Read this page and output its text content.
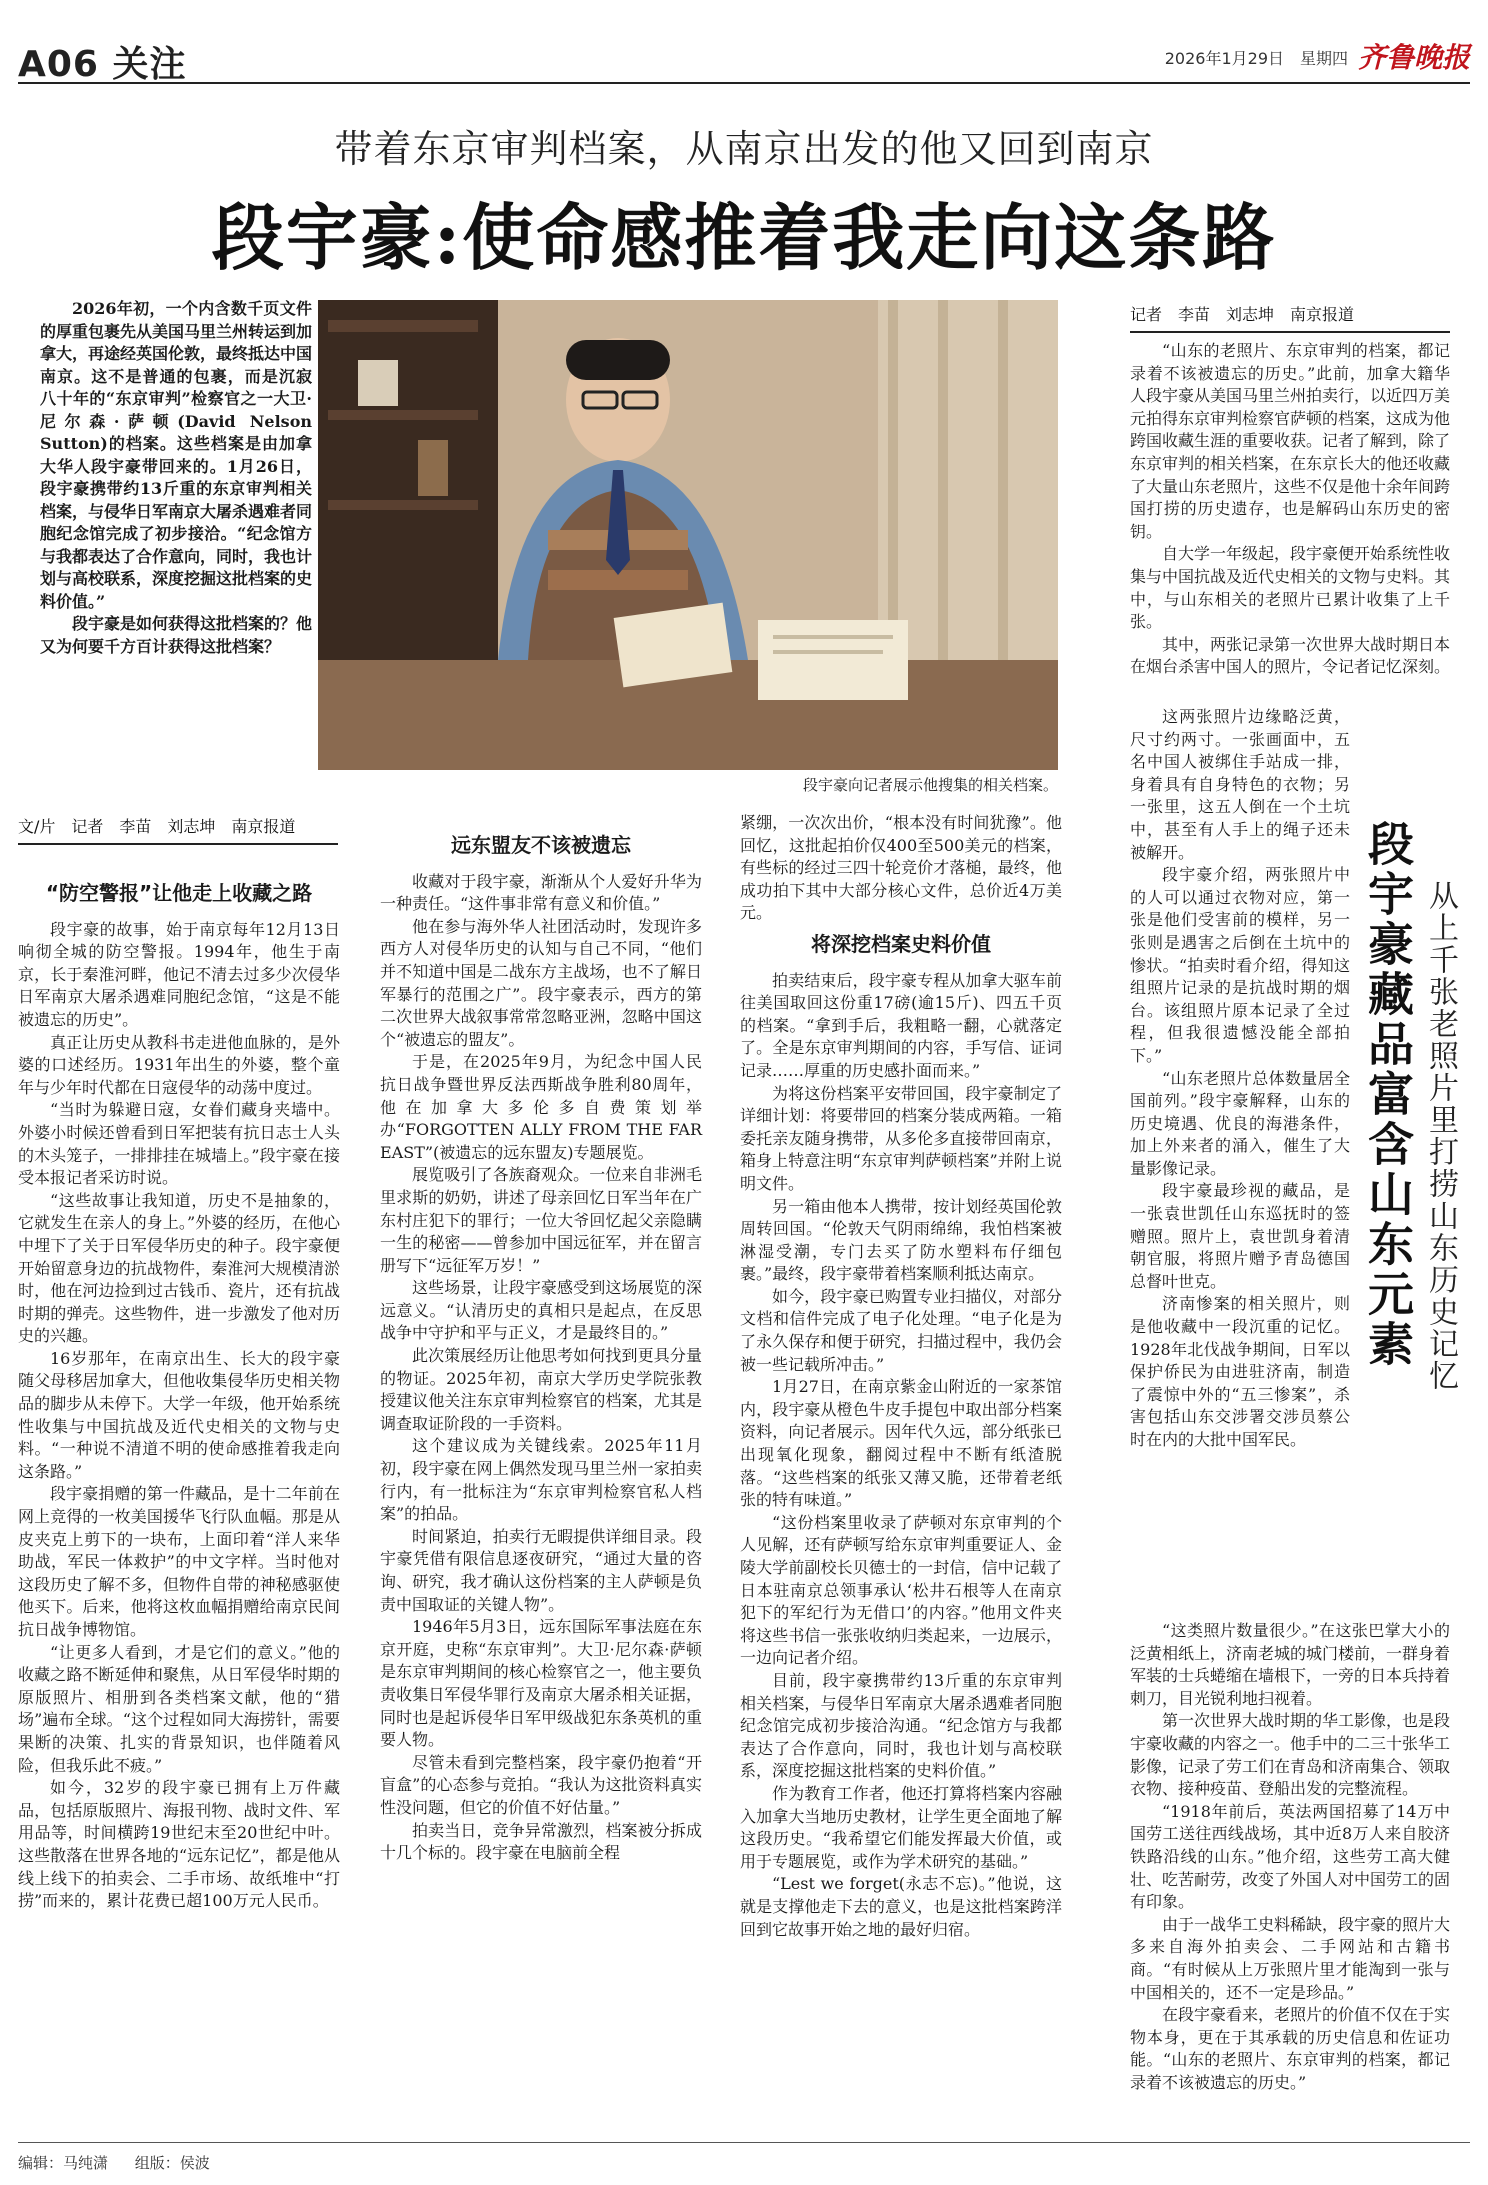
A06 关注	2026年1月29日　星期四 齐鲁晚报
带着东京审判档案，从南京出发的他又回到南京
段宇豪:使命感推着我走向这条路

2026年初，一个内含数千页文件的厚重包裹先从美国马里兰州转运到加拿大，再途经英国伦敦，最终抵达中国南京。这不是普通的包裹，而是沉寂八十年的“东京审判”检察官之一大卫·尼尔森·萨顿(David Nelson Sutton)的档案。这些档案是由加拿大华人段宇豪带回来的。1月26日，段宇豪携带约13斤重的东京审判相关档案，与侵华日军南京大屠杀遇难者同胞纪念馆完成了初步接洽。“纪念馆方与我都表达了合作意向，同时，我也计划与高校联系，深度挖掘这批档案的史料价值。”

段宇豪是如何获得这批档案的？他又为何要千方百计获得这批档案？

段宇豪向记者展示他搜集的相关档案。
文/片　记者　李苗　刘志坤　南京报道
“防空警报”让他走上收藏之路

段宇豪的故事，始于南京每年12月13日响彻全城的防空警报。1994年，他生于南京，长于秦淮河畔，他记不清去过多少次侵华日军南京大屠杀遇难同胞纪念馆，“这是不能被遗忘的历史”。

真正让历史从教科书走进他血脉的，是外婆的口述经历。1931年出生的外婆，整个童年与少年时代都在日寇侵华的动荡中度过。

“当时为躲避日寇，女眷们藏身夹墙中。外婆小时候还曾看到日军把装有抗日志士人头的木头笼子，一排排挂在城墙上。”段宇豪在接受本报记者采访时说。

“这些故事让我知道，历史不是抽象的，它就发生在亲人的身上。”外婆的经历，在他心中埋下了关于日军侵华历史的种子。段宇豪便开始留意身边的抗战物件，秦淮河大规模清淤时，他在河边捡到过古钱币、瓷片，还有抗战时期的弹壳。这些物件，进一步激发了他对历史的兴趣。

16岁那年，在南京出生、长大的段宇豪随父母移居加拿大，但他收集侵华历史相关物品的脚步从未停下。大学一年级，他开始系统性收集与中国抗战及近代史相关的文物与史料。“一种说不清道不明的使命感推着我走向这条路。”

段宇豪捐赠的第一件藏品，是十二年前在网上竞得的一枚美国援华飞行队血幅。那是从皮夹克上剪下的一块布，上面印着“洋人来华助战，军民一体救护”的中文字样。当时他对这段历史了解不多，但物件自带的神秘感驱使他买下。后来，他将这枚血幅捐赠给南京民间抗日战争博物馆。

“让更多人看到，才是它们的意义。”他的收藏之路不断延伸和聚焦，从日军侵华时期的原版照片、相册到各类档案文献，他的“猎场”遍布全球。“这个过程如同大海捞针，需要果断的决策、扎实的背景知识，也伴随着风险，但我乐此不疲。”

如今，32岁的段宇豪已拥有上万件藏品，包括原版照片、海报刊物、战时文件、军用品等，时间横跨19世纪末至20世纪中叶。这些散落在世界各地的“远东记忆”，都是他从线上线下的拍卖会、二手市场、故纸堆中“打捞”而来的，累计花费已超100万元人民币。

远东盟友不该被遗忘

收藏对于段宇豪，渐渐从个人爱好升华为一种责任。“这件事非常有意义和价值。”

他在参与海外华人社团活动时，发现许多西方人对侵华历史的认知与自己不同，“他们并不知道中国是二战东方主战场，也不了解日军暴行的范围之广”。段宇豪表示，西方的第二次世界大战叙事常常忽略亚洲，忽略中国这个“被遗忘的盟友”。

于是，在2025年9月，为纪念中国人民抗日战争暨世界反法西斯战争胜利80周年，他在加拿大多伦多自费策划举办“FORGOTTEN ALLY FROM THE FAR EAST”(被遗忘的远东盟友)专题展览。

展览吸引了各族裔观众。一位来自非洲毛里求斯的奶奶，讲述了母亲回忆日军当年在广东村庄犯下的罪行；一位大爷回忆起父亲隐瞒一生的秘密——曾参加中国远征军，并在留言册写下“远征军万岁！”

这些场景，让段宇豪感受到这场展览的深远意义。“认清历史的真相只是起点，在反思战争中守护和平与正义，才是最终目的。”

此次策展经历让他思考如何找到更具分量的物证。2025年初，南京大学历史学院张教授建议他关注东京审判检察官的档案，尤其是调查取证阶段的一手资料。

这个建议成为关键线索。2025年11月初，段宇豪在网上偶然发现马里兰州一家拍卖行内，有一批标注为“东京审判检察官私人档案”的拍品。

时间紧迫，拍卖行无暇提供详细目录。段宇豪凭借有限信息逐夜研究，“通过大量的咨询、研究，我才确认这份档案的主人萨顿是负责中国取证的关键人物”。

1946年5月3日，远东国际军事法庭在东京开庭，史称“东京审判”。大卫·尼尔森·萨顿是东京审判期间的核心检察官之一，他主要负责收集日军侵华罪行及南京大屠杀相关证据，同时也是起诉侵华日军甲级战犯东条英机的重要人物。

尽管未看到完整档案，段宇豪仍抱着“开盲盒”的心态参与竞拍。“我认为这批资料真实性没问题，但它的价值不好估量。”

拍卖当日，竞争异常激烈，档案被分拆成十几个标的。段宇豪在电脑前全程

紧绷，一次次出价，“根本没有时间犹豫”。他回忆，这批起拍价仅400至500美元的档案，有些标的经过三四十轮竞价才落槌，最终，他成功拍下其中大部分核心文件，总价近4万美元。

将深挖档案史料价值

拍卖结束后，段宇豪专程从加拿大驱车前往美国取回这份重17磅(逾15斤)、四五千页的档案。“拿到手后，我粗略一翻，心就落定了。全是东京审判期间的内容，手写信、证词记录……厚重的历史感扑面而来。”

为将这份档案平安带回国，段宇豪制定了详细计划：将要带回的档案分装成两箱。一箱委托亲友随身携带，从多伦多直接带回南京，箱身上特意注明“东京审判萨顿档案”并附上说明文件。

另一箱由他本人携带，按计划经英国伦敦周转回国。“伦敦天气阴雨绵绵，我怕档案被淋湿受潮，专门去买了防水塑料布仔细包裹。”最终，段宇豪带着档案顺利抵达南京。

如今，段宇豪已购置专业扫描仪，对部分文档和信件完成了电子化处理。“电子化是为了永久保存和便于研究，扫描过程中，我仍会被一些记载所冲击。”

1月27日，在南京紫金山附近的一家茶馆内，段宇豪从橙色牛皮手提包中取出部分档案资料，向记者展示。因年代久远，部分纸张已出现氧化现象，翻阅过程中不断有纸渣脱落。“这些档案的纸张又薄又脆，还带着老纸张的特有味道。”

“这份档案里收录了萨顿对东京审判的个人见解，还有萨顿写给东京审判重要证人、金陵大学前副校长贝德士的一封信，信中记载了日本驻南京总领事承认‘松井石根等人在南京犯下的军纪行为无借口’的内容。”他用文件夹将这些书信一张张收纳归类起来，一边展示，一边向记者介绍。

目前，段宇豪携带约13斤重的东京审判相关档案，与侵华日军南京大屠杀遇难者同胞纪念馆完成初步接洽沟通。“纪念馆方与我都表达了合作意向，同时，我也计划与高校联系，深度挖掘这批档案的史料价值。”

作为教育工作者，他还打算将档案内容融入加拿大当地历史教材，让学生更全面地了解这段历史。“我希望它们能发挥最大价值，或用于专题展览，或作为学术研究的基础。”

“Lest we forget(永志不忘)。”他说，这就是支撑他走下去的意义，也是这批档案跨洋回到它故事开始之地的最好归宿。

记者　李苗　刘志坤　南京报道

“山东的老照片、东京审判的档案，都记录着不该被遗忘的历史。”此前，加拿大籍华人段宇豪从美国马里兰州拍卖行，以近四万美元拍得东京审判检察官萨顿的档案，这成为他跨国收藏生涯的重要收获。记者了解到，除了东京审判的相关档案，在东京长大的他还收藏了大量山东老照片，这些不仅是他十余年间跨国打捞的历史遗存，也是解码山东历史的密钥。

自大学一年级起，段宇豪便开始系统性收集与中国抗战及近代史相关的文物与史料。其中，与山东相关的老照片已累计收集了上千张。

其中，两张记录第一次世界大战时期日本在烟台杀害中国人的照片，令记者记忆深刻。

这两张照片边缘略泛黄，尺寸约两寸。一张画面中，五名中国人被绑住手站成一排，身着具有自身特色的衣物；另一张里，这五人倒在一个土坑中，甚至有人手上的绳子还未被解开。

段宇豪介绍，两张照片中的人可以通过衣物对应，第一张是他们受害前的模样，另一张则是遇害之后倒在土坑中的惨状。“拍卖时看介绍，得知这组照片记录的是抗战时期的烟台。该组照片原本记录了全过程，但我很遗憾没能全部拍下。”

“山东老照片总体数量居全国前列。”段宇豪解释，山东的历史境遇、优良的海港条件，加上外来者的涌入，催生了大量影像记录。

段宇豪最珍视的藏品，是一张袁世凯任山东巡抚时的签赠照。照片上，袁世凯身着清朝官服，将照片赠予青岛德国总督叶世克。

济南惨案的相关照片，则是他收藏中一段沉重的记忆。1928年北伐战争期间，日军以保护侨民为由进驻济南，制造了震惊中外的“五三惨案”，杀害包括山东交涉署交涉员蔡公时在内的大批中国军民。

段宇豪藏品富含山东元素 从上千张老照片里打捞山东历史记忆

“这类照片数量很少。”在这张巴掌大小的泛黄相纸上，济南老城的城门楼前，一群身着军装的士兵蜷缩在墙根下，一旁的日本兵持着刺刀，目光锐利地扫视着。

第一次世界大战时期的华工影像，也是段宇豪收藏的内容之一。他手中的二三十张华工影像，记录了劳工们在青岛和济南集合、领取衣物、接种疫苗、登船出发的完整流程。

“1918年前后，英法两国招募了14万中国劳工送往西线战场，其中近8万人来自胶济铁路沿线的山东。”他介绍，这些劳工高大健壮、吃苦耐劳，改变了外国人对中国劳工的固有印象。

由于一战华工史料稀缺，段宇豪的照片大多来自海外拍卖会、二手网站和古籍书商。“有时候从上万张照片里才能淘到一张与中国相关的，还不一定是珍品。”

在段宇豪看来，老照片的价值不仅在于实物本身，更在于其承载的历史信息和佐证功能。“山东的老照片、东京审判的档案，都记录着不该被遗忘的历史。”

编辑：马纯潇 组版：侯波
